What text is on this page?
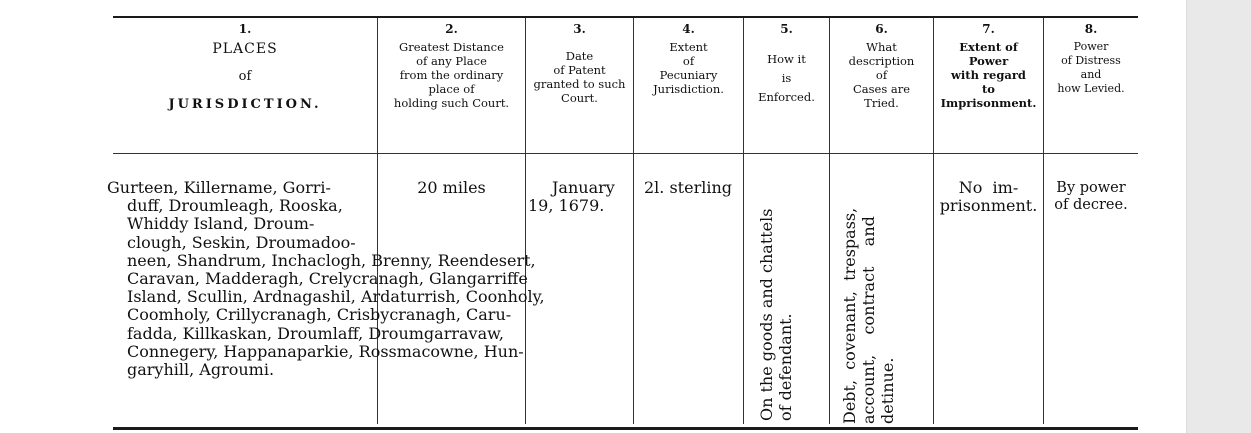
1.
PLACES
of
JURISDICTION.
2.
Greatest Distance
of any Place
from the ordinary
place of
holding such Court.
3.
Date
of Patent
granted to such
Court.
4.
Extent
of
Pecuniary
Jurisdiction.
5.
How it
is
Enforced.
6.
What
description
of
Cases are
Tried.
7.
Extent of
Power
with regard
to
Imprisonment.
8.
Power
of Distress
and
how Levied.
Gurteen, Killername, Gorri-
duff, Droumleagh, Rooska,
Whiddy Island, Droum-
clough, Seskin, Droumadoo-
neen, Shandrum, Inchaclogh, Brenny, Reendesert,
Caravan, Madderagh, Crelycranagh, Glangarriffe
Island, Scullin, Ardnagashil, Ardaturrish, Coonholy,
Coomholy, Crillycranagh, Crisbycranagh, Caru-
fadda, Killkaskan, Droumlaff, Droumgarravaw,
Connegery, Happanaparkie, Rossmacowne, Hun-
garyhill, Agroumi.
20 miles	January
19, 1679.
2l. sterling
On the goods and chattels of defendant.	Debt,  covenant,  trespass, account,    contract    and detinue.
No  im-
prisonment.
By power
of decree.
